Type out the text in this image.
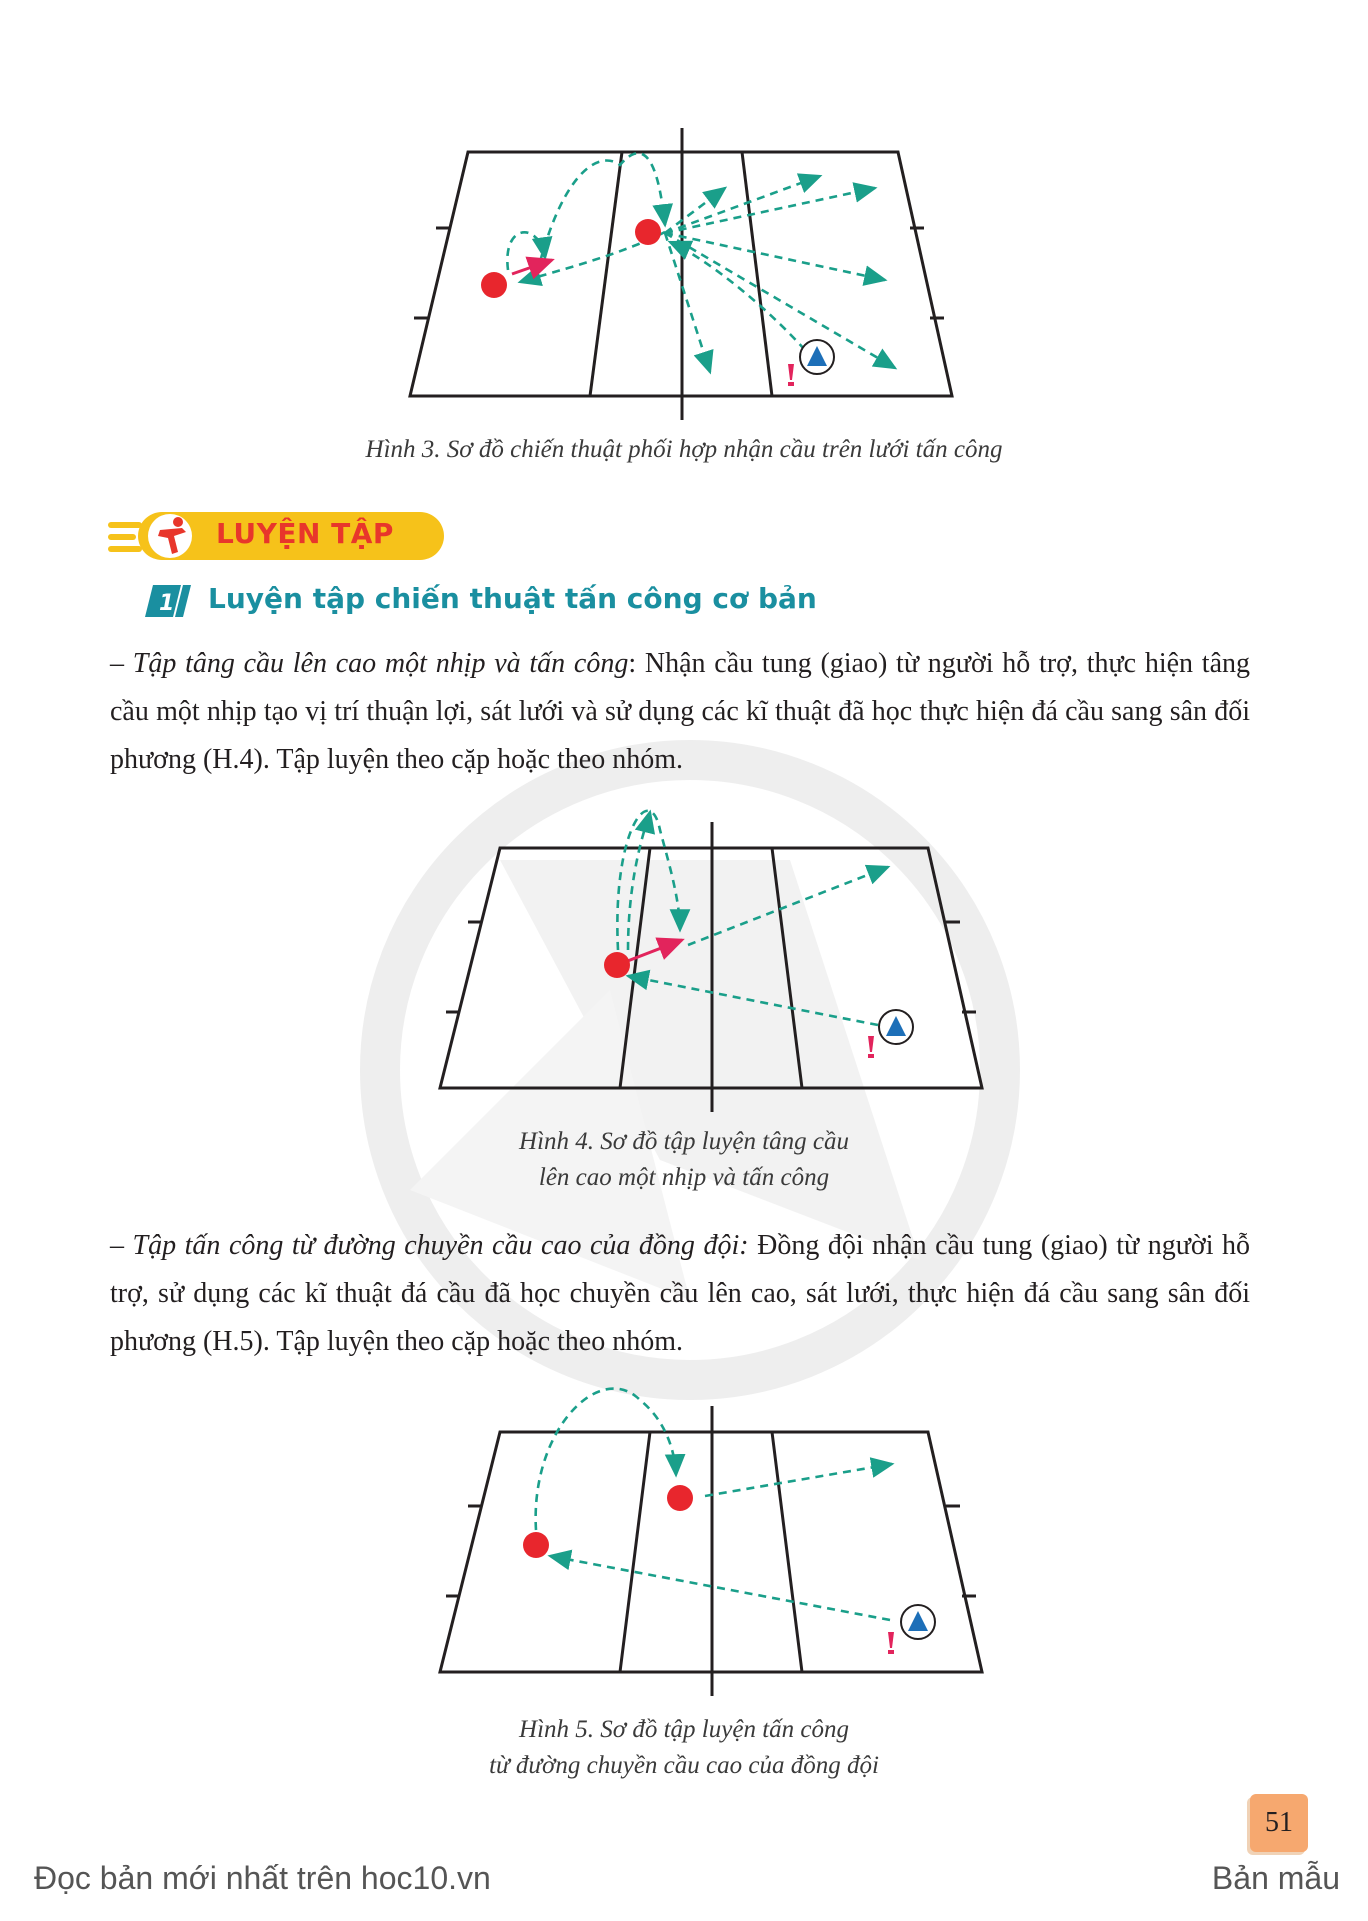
Hình 3. Sơ đồ chiến thuật phối hợp nhận cầu trên lưới tấn công
LUYỆN TẬP
1 Luyện tập chiến thuật tấn công cơ bản
– Tập tâng cầu lên cao một nhịp và tấn công: Nhận cầu tung (giao) từ người hỗ trợ, thực hiện tâng cầu một nhịp tạo vị trí thuận lợi, sát lưới và sử dụng các kĩ thuật đã học thực hiện đá cầu sang sân đối phương (H.4). Tập luyện theo cặp hoặc theo nhóm.
Hình 4. Sơ đồ tập luyện tâng cầu
lên cao một nhịp và tấn công
– Tập tấn công từ đường chuyền cầu cao của đồng đội: Đồng đội nhận cầu tung (giao) từ người hỗ trợ, sử dụng các kĩ thuật đá cầu đã học chuyền cầu lên cao, sát lưới, thực hiện đá cầu sang sân đối phương (H.5). Tập luyện theo cặp hoặc theo nhóm.
Hình 5. Sơ đồ tập luyện tấn công
từ đường chuyền cầu cao của đồng đội
51
Đọc bản mới nhất trên hoc10.vn	Bản mẫu
